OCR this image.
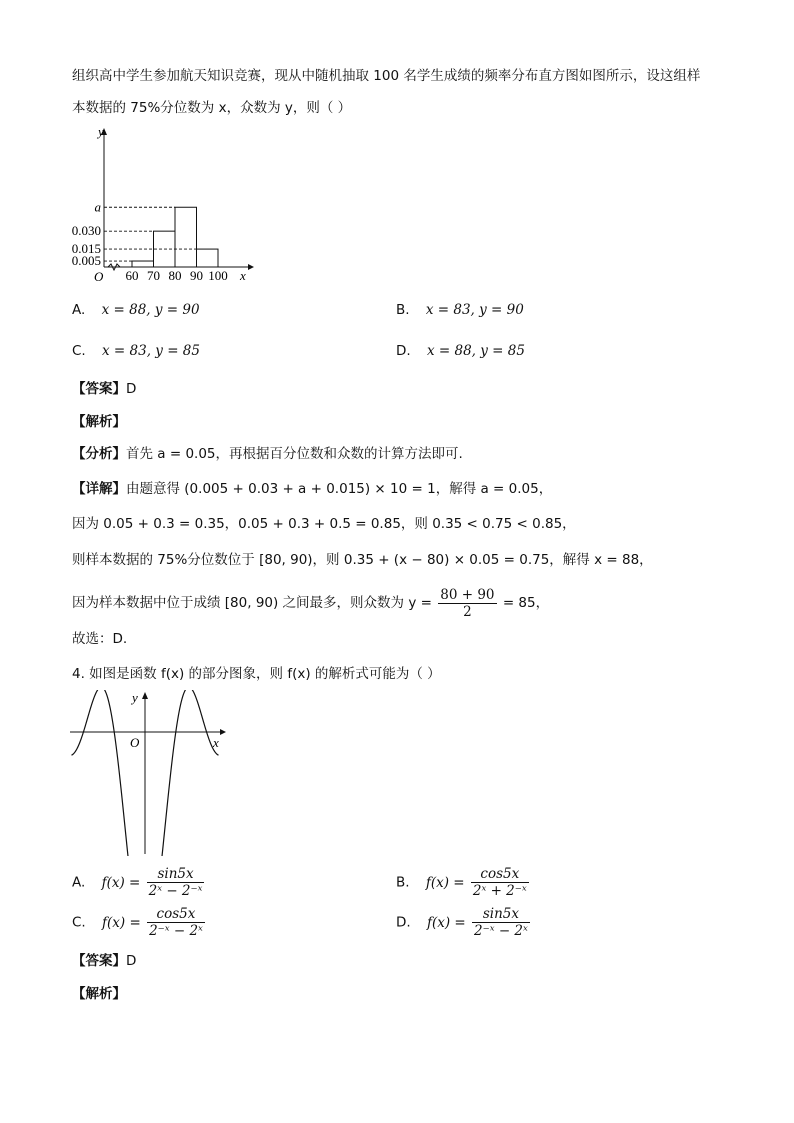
组织高中学生参加航天知识竞赛，现从中随机抽取 100 名学生成绩的频率分布直方图如图所示，设这组样
本数据的 75%分位数为 x，众数为 y，则（ ）
y
x
O
0.005
0.015
0.030
a
60 70 80 90 100
A. x = 88, y = 90	B. x = 83, y = 90
C. x = 83, y = 85	D. x = 88, y = 85
【答案】D
【解析】
【分析】首先 a = 0.05，再根据百分位数和众数的计算方法即可.
【详解】由题意得 (0.005 + 0.03 + a + 0.015) × 10 = 1，解得 a = 0.05，
因为 0.05 + 0.3 = 0.35，0.05 + 0.3 + 0.5 = 0.85，则 0.35 < 0.75 < 0.85，
则样本数据的 75%分位数位于 [80, 90)，则 0.35 + (x − 80) × 0.05 = 0.75，解得 x = 88，
因为样本数据中位于成绩 [80, 90) 之间最多，则众数为 $y = \frac{80 + 90}{2} = 85$，
故选：D.
4. 如图是函数 f(x) 的部分图象，则 f(x) 的解析式可能为（ ）
y
x
O
A. $f(x) = \frac{\sin 5x}{\text{2ˣ − 2⁻ˣ}}$	B. $f(x) = \frac{\cos 5x}{\text{2ˣ + 2⁻ˣ}}$
C. $f(x) = \frac{\cos 5x}{\text{2⁻ˣ − 2ˣ}}$	D. $f(x) = \frac{\sin 5x}{\text{2⁻ˣ − 2ˣ}}$
【答案】D
【解析】
